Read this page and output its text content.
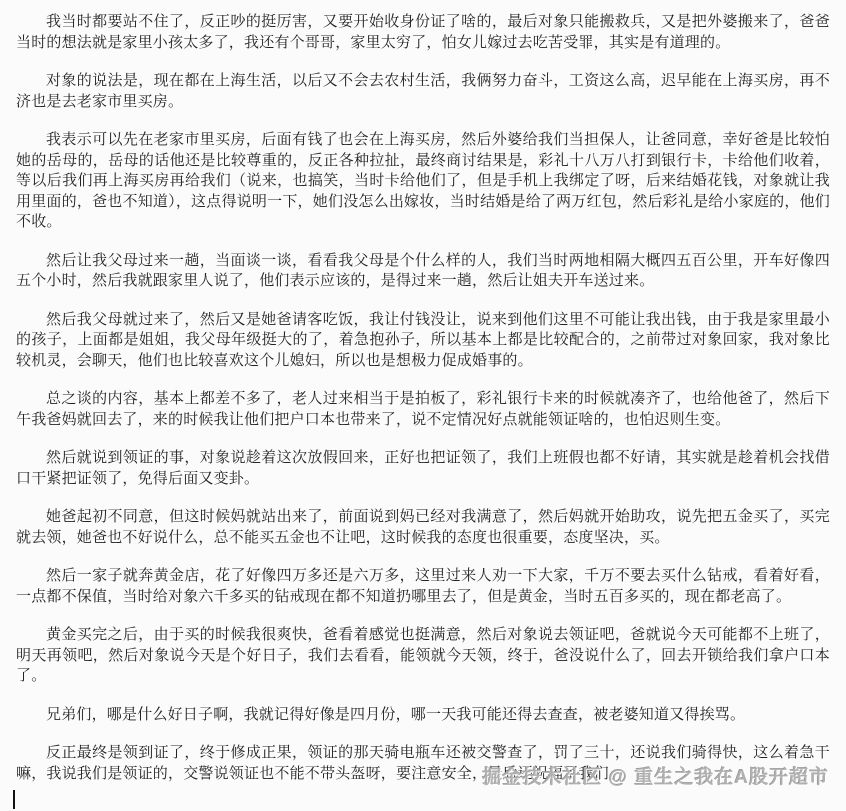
我当时都要站不住了，反正吵的挺厉害，又要开始收身份证了啥的，最后对象只能搬救兵，又是把外婆搬来了，爸爸当时的想法就是家里小孩太多了，我还有个哥哥，家里太穷了，怕女儿嫁过去吃苦受罪，其实是有道理的。

对象的说法是，现在都在上海生活，以后又不会去农村生活，我俩努力奋斗，工资这么高，迟早能在上海买房，再不济也是去老家市里买房。

我表示可以先在老家市里买房，后面有钱了也会在上海买房，然后外婆给我们当担保人，让爸同意，幸好爸是比较怕她的岳母的，岳母的话他还是比较尊重的，反正各种拉扯，最终商讨结果是，彩礼十八万八打到银行卡，卡给他们收着，等以后我们再上海买房再给我们（说来，也搞笑，当时卡给他们了，但是手机上我绑定了呀，后来结婚花钱，对象就让我用里面的，爸也不知道），这点得说明一下，她们没怎么出嫁妆，当时结婚是给了两万红包，然后彩礼是给小家庭的，他们不收。

然后让我父母过来一趟，当面谈一谈，看看我父母是个什么样的人，我们当时两地相隔大概四五百公里，开车好像四五个小时，然后我就跟家里人说了，他们表示应该的，是得过来一趟，然后让姐夫开车送过来。

然后我父母就过来了，然后又是她爸请客吃饭，我让付钱没让，说来到他们这里不可能让我出钱，由于我是家里最小的孩子，上面都是姐姐，我父母年级挺大的了，着急抱孙子，所以基本上都是比较配合的，之前带过对象回家，我对象比较机灵，会聊天，他们也比较喜欢这个儿媳妇，所以也是想极力促成婚事的。

总之谈的内容，基本上都差不多了，老人过来相当于是拍板了，彩礼银行卡来的时候就凑齐了，也给他爸了，然后下午我爸妈就回去了，来的时候我让他们把户口本也带来了，说不定情况好点就能领证啥的，也怕迟则生变。

然后就说到领证的事，对象说趁着这次放假回来，正好也把证领了，我们上班假也都不好请，其实就是趁着机会找借口干紧把证领了，免得后面又变卦。

她爸起初不同意，但这时候妈就站出来了，前面说到妈已经对我满意了，然后妈就开始助攻，说先把五金买了，买完就去领，她爸也不好说什么，总不能买五金也不让吧，这时候我的态度也很重要，态度坚决，买。

然后一家子就奔黄金店，花了好像四万多还是六万多，这里过来人劝一下大家，千万不要去买什么钻戒，看着好看，一点都不保值，当时给对象六千多买的钻戒现在都不知道扔哪里去了，但是黄金，当时五百多买的，现在都老高了。

黄金买完之后，由于买的时候我很爽快，爸看着感觉也挺满意，然后对象说去领证吧，爸就说今天可能都不上班了，明天再领吧，然后对象说今天是个好日子，我们去看看，能领就今天领，终于，爸没说什么了，回去开锁给我们拿户口本了。

兄弟们，哪是什么好日子啊，我就记得好像是四月份，哪一天我可能还得去查查，被老婆知道又得挨骂。

反正最终是领到证了，终于修成正果，领证的那天骑电瓶车还被交警查了，罚了三十，还说我们骑得快，这么着急干嘛，我说我们是领证的，交警说领证也不能不带头盔呀，要注意安全，最后还祝福了我们。

掘金技术社区 @ 重生之我在A股开超市
